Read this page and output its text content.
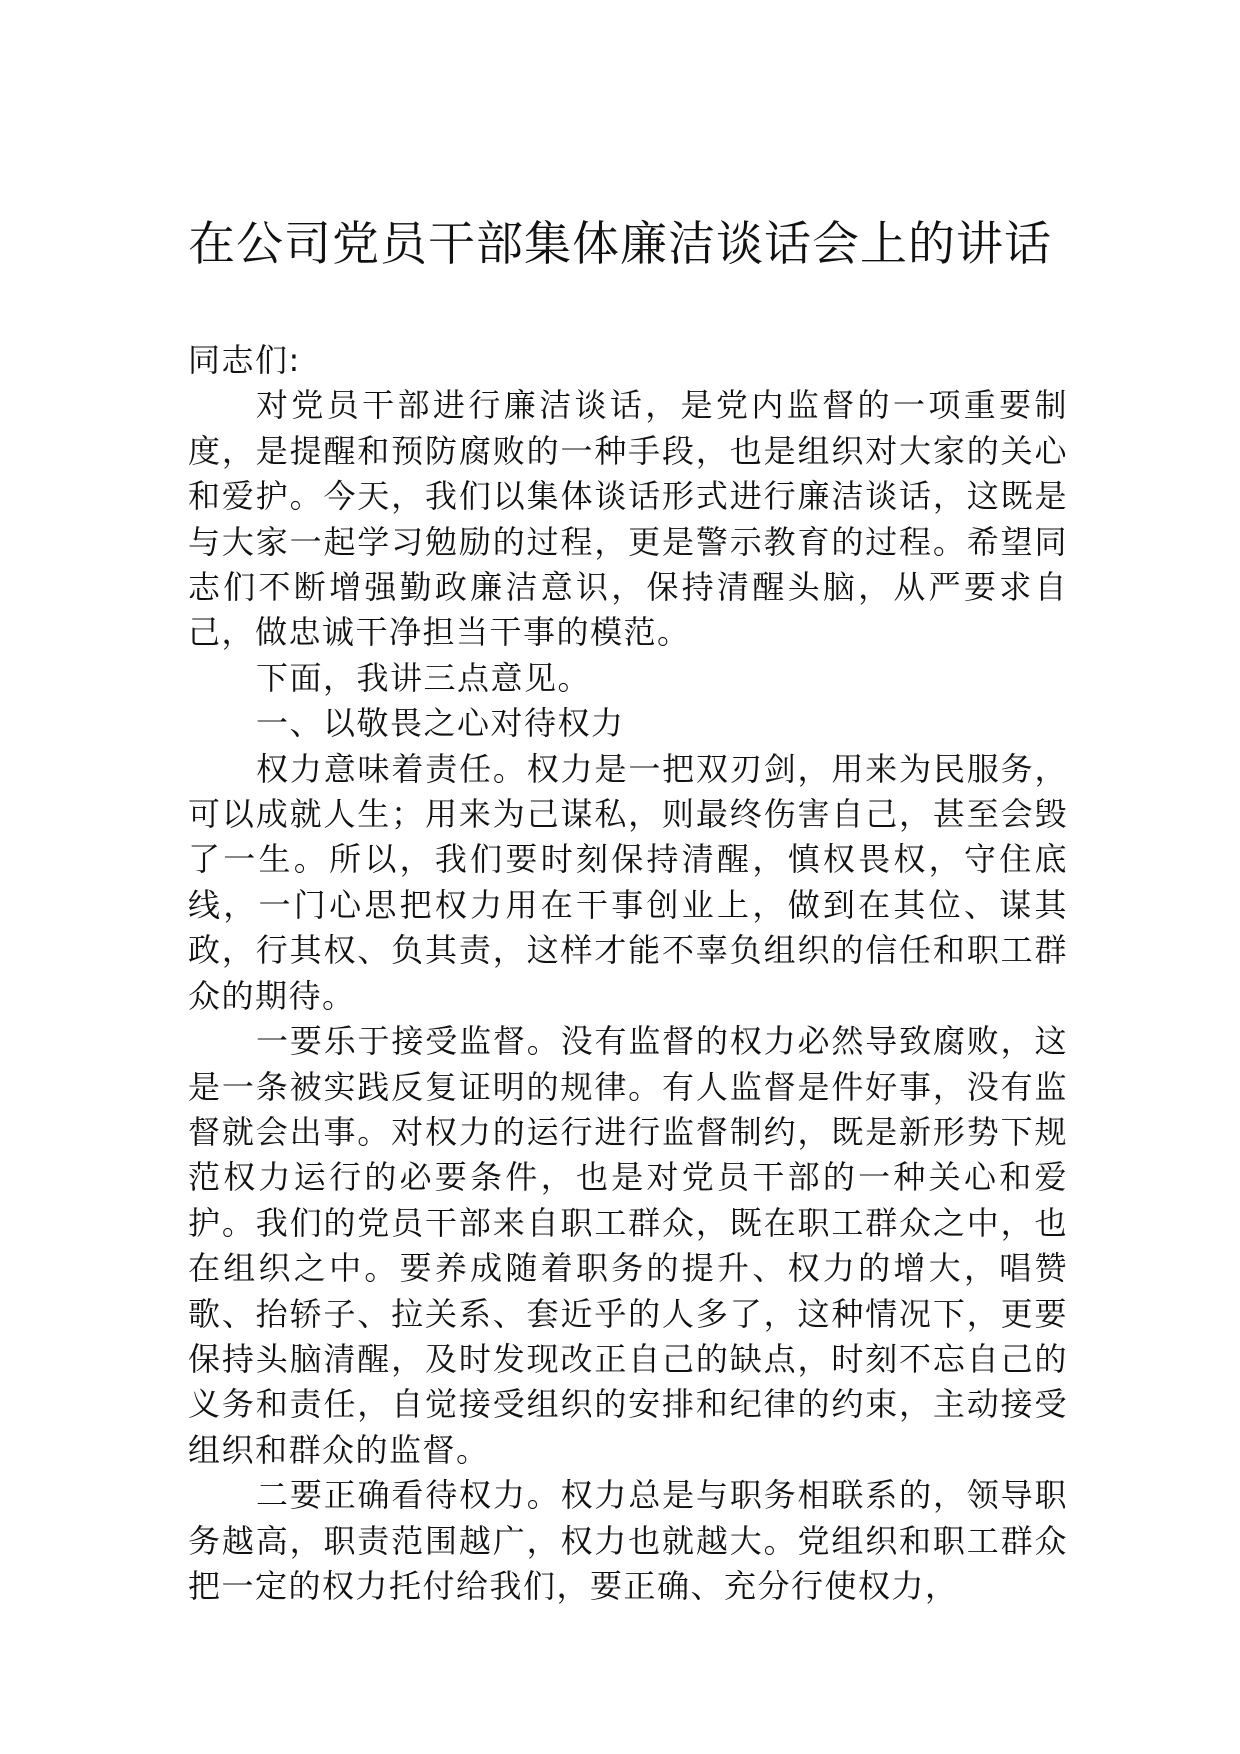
在公司党员干部集体廉洁谈话会上的讲话

同志们:

对党员干部进行廉洁谈话，是党内监督的一项重要制度，是提醒和预防腐败的一种手段，也是组织对大家的关心和爱护。今天，我们以集体谈话形式进行廉洁谈话，这既是与大家一起学习勉励的过程，更是警示教育的过程。希望同志们不断增强勤政廉洁意识，保持清醒头脑，从严要求自己，做忠诚干净担当干事的模范。

下面，我讲三点意见。

一、以敬畏之心对待权力

权力意味着责任。权力是一把双刃剑，用来为民服务，可以成就人生；用来为己谋私，则最终伤害自己，甚至会毁了一生。所以，我们要时刻保持清醒，慎权畏权，守住底线，一门心思把权力用在干事创业上，做到在其位、谋其政，行其权、负其责，这样才能不辜负组织的信任和职工群众的期待。

一要乐于接受监督。没有监督的权力必然导致腐败，这是一条被实践反复证明的规律。有人监督是件好事，没有监督就会出事。对权力的运行进行监督制约，既是新形势下规范权力运行的必要条件，也是对党员干部的一种关心和爱护。我们的党员干部来自职工群众，既在职工群众之中，也在组织之中。要养成随着职务的提升、权力的增大，唱赞歌、抬轿子、拉关系、套近乎的人多了，这种情况下，更要保持头脑清醒，及时发现改正自己的缺点，时刻不忘自己的义务和责任，自觉接受组织的安排和纪律的约束，主动接受组织和群众的监督。

二要正确看待权力。权力总是与职务相联系的，领导职务越高，职责范围越广，权力也就越大。党组织和职工群众把一定的权力托付给我们，要正确、充分行使权力，
